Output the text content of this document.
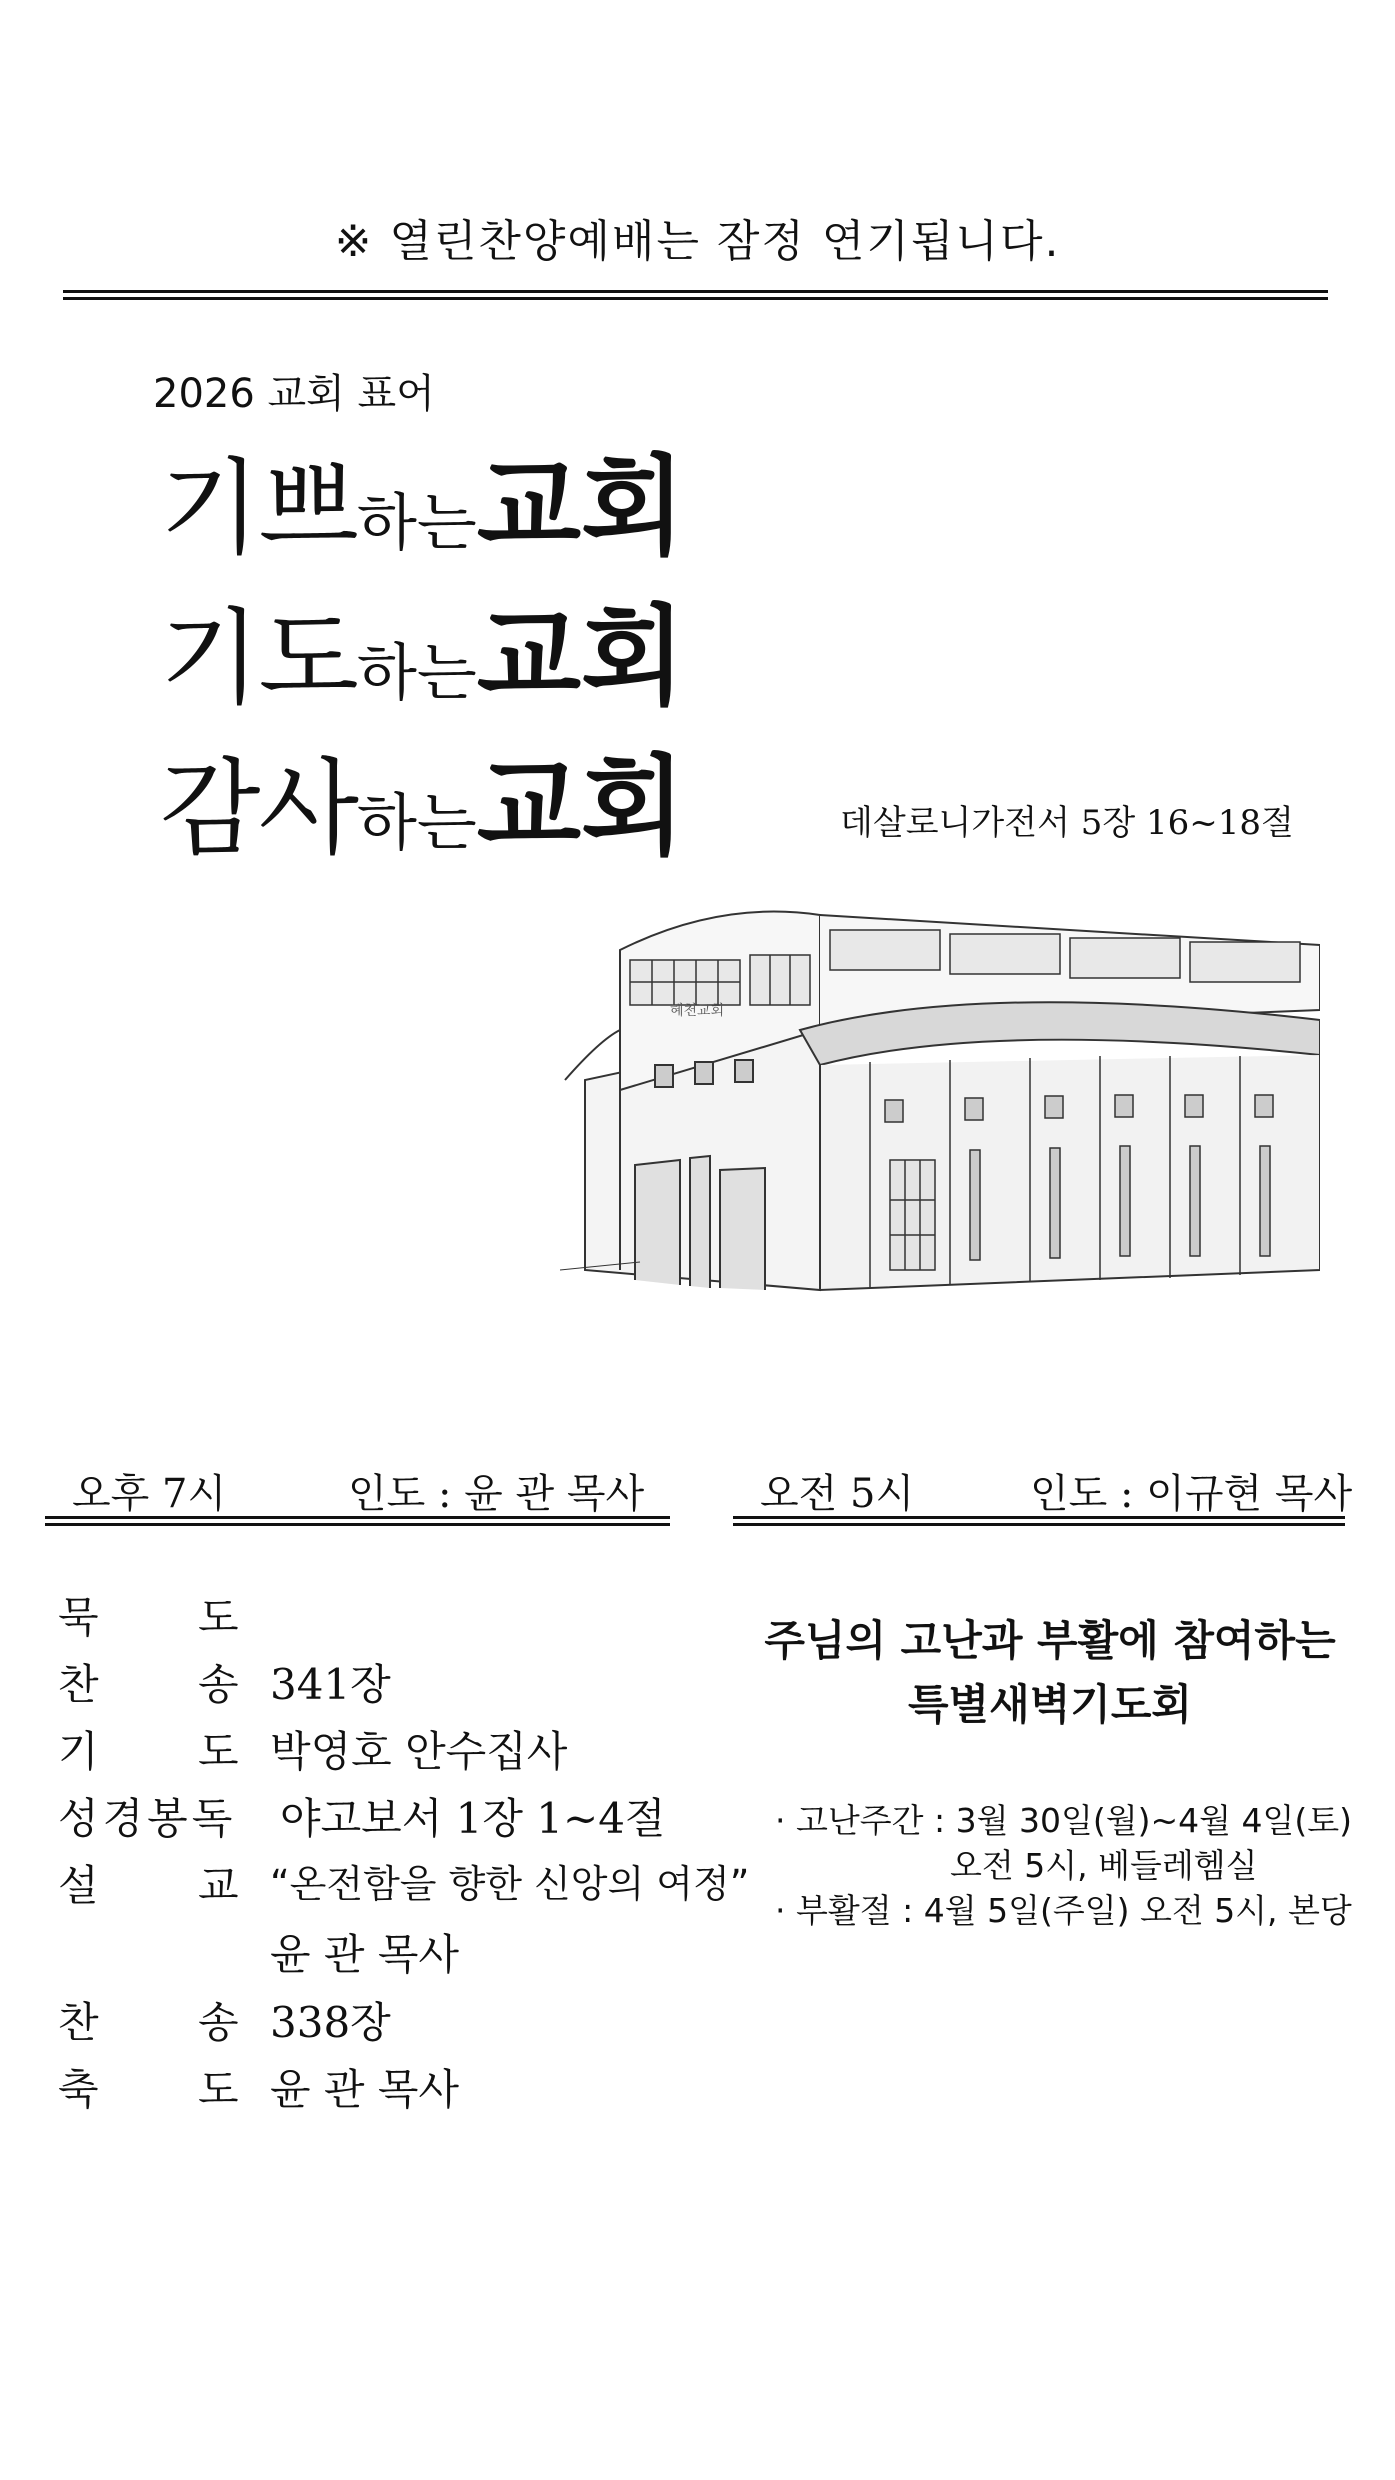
※ 열린찬양예배는 잠정 연기됩니다.
2026 교회 표어
기쁘하는교회
기도하는교회
감사하는교회	데살로니가전서 5장 16~18절
혜천교회
오후 7시	인도 : 윤 관 목사	오전 5시	인도 : 이규현 목사
묵 도
찬 송 341장
기 도 박영호 안수집사
성경봉독 야고보서 1장 1~4절
설 교 “온전함을 향한 신앙의 여정”
윤 관 목사
찬 송 338장
축 도 윤 관 목사
주님의 고난과 부활에 참여하는
특별새벽기도회
· 고난주간 : 3월 30일(월)~4월 4일(토)
오전 5시, 베들레헴실
· 부활절 : 4월 5일(주일) 오전 5시, 본당
